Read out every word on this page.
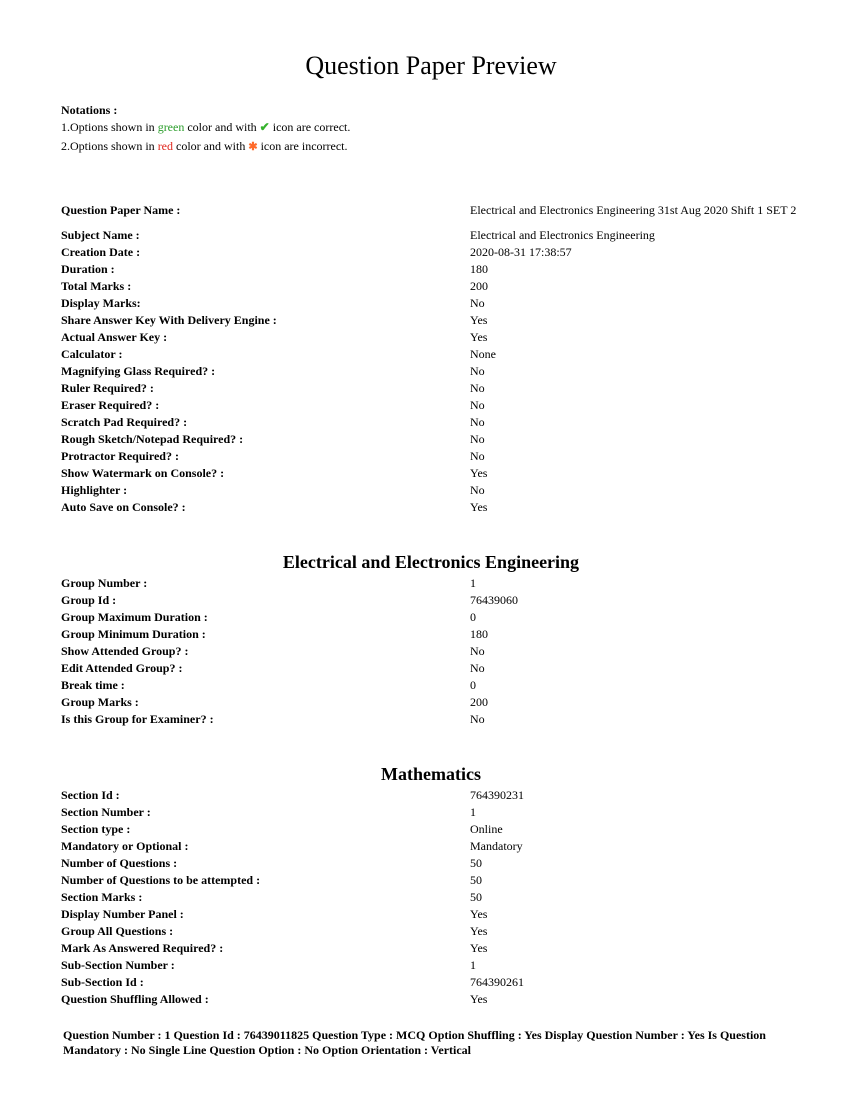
Question Paper Preview
Notations :
1.Options shown in green color and with ✔ icon are correct.
2.Options shown in red color and with ✱ icon are incorrect.
Question Paper Name :	Electrical and Electronics Engineering 31st Aug 2020 Shift 1 SET 2
Subject Name :	Electrical and Electronics Engineering
Creation Date :	2020-08-31 17:38:57
Duration :	180
Total Marks :	200
Display Marks:	No
Share Answer Key With Delivery Engine :	Yes
Actual Answer Key :	Yes
Calculator :	None
Magnifying Glass Required? :	No
Ruler Required? :	No
Eraser Required? :	No
Scratch Pad Required? :	No
Rough Sketch/Notepad Required? :	No
Protractor Required? :	No
Show Watermark on Console? :	Yes
Highlighter :	No
Auto Save on Console? :	Yes
Electrical and Electronics Engineering
Group Number :	1
Group Id :	76439060
Group Maximum Duration :	0
Group Minimum Duration :	180
Show Attended Group? :	No
Edit Attended Group? :	No
Break time :	0
Group Marks :	200
Is this Group for Examiner? :	No
Mathematics
Section Id :	764390231
Section Number :	1
Section type :	Online
Mandatory or Optional :	Mandatory
Number of Questions :	50
Number of Questions to be attempted :	50
Section Marks :	50
Display Number Panel :	Yes
Group All Questions :	Yes
Mark As Answered Required? :	Yes
Sub-Section Number :	1
Sub-Section Id :	764390261
Question Shuffling Allowed :	Yes
Question Number : 1 Question Id : 76439011825 Question Type : MCQ Option Shuffling : Yes Display Question Number : Yes Is Question Mandatory : No Single Line Question Option : No Option Orientation : Vertical
